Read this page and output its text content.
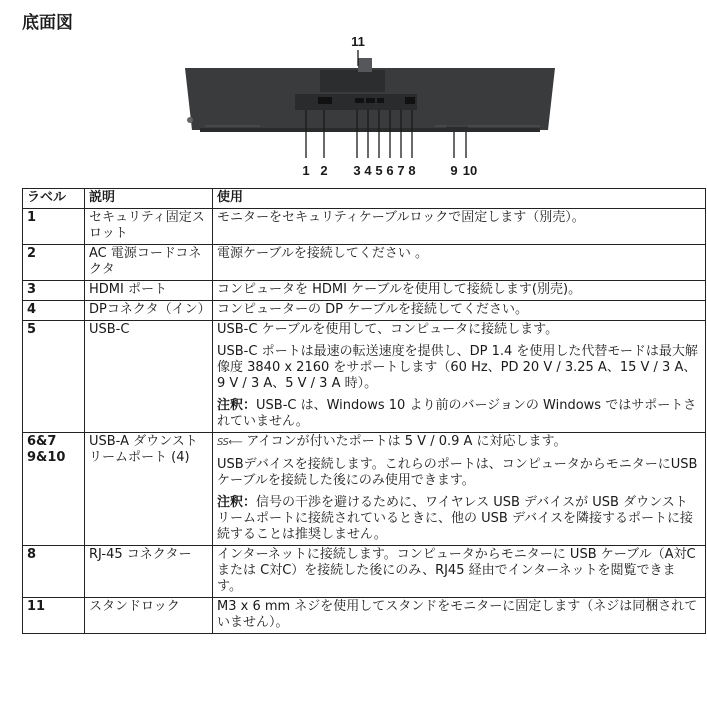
底面図
11
1 2 3 4 5 6 7 8	9 10
ラベル	説明	使用
1	セキュリティ固定スロット	モニターをセキュリティケーブルロックで固定します（別売）。

2	AC 電源コードコネクタ	電源ケーブルを接続してください 。

3	HDMI ポート	コンピュータを HDMI ケーブルを使用して接続します(別売)。

4	DPコネクタ（イン）	コンピューターの DP ケーブルを接続してください。

5	USB-C	USB-C ケーブルを使用して、コンピュータに接続します。

USB-C ポートは最速の転送速度を提供し、DP 1.4 を使用した代替モードは最大解像度 3840 x 2160 をサポートします（60 Hz、PD 20 V / 3.25 A、15 V / 3 A、9 V / 3 A、5 V / 3 A 時）。

注釈：USB-C は、Windows 10 より前のバージョンの Windows ではサポートされていません。

6&7 9&10	USB-A ダウンストリームポート (4)	SS⟵ アイコンが付いたポートは 5 V / 0.9 A に対応します。

USBデバイスを接続します。これらのポートは、コンピュータからモニターにUSBケーブルを接続した後にのみ使用できます。

注釈：信号の干渉を避けるために、ワイヤレス USB デバイスが USB ダウンストリームポートに接続されているときに、他の USB デバイスを隣接するポートに接続することは推奨しません。

8	RJ-45 コネクター	インターネットに接続します。コンピュータからモニターに USB ケーブル（A対C または C対C）を接続した後にのみ、RJ45 経由でインターネットを閲覧できます。

11	スタンドロック	M3 x 6 mm ネジを使用してスタンドをモニターに固定します（ネジは同梱されていません）。
